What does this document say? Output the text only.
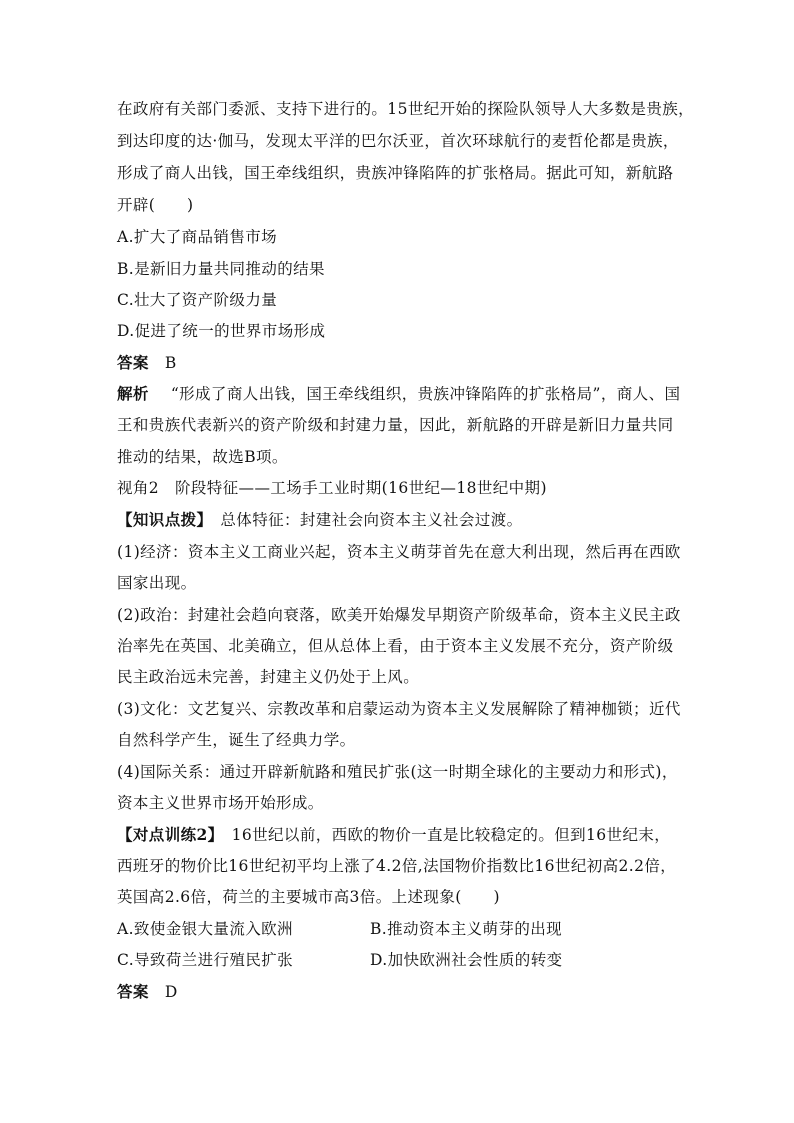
在政府有关部门委派、支持下进行的。15世纪开始的探险队领导人大多数是贵族，
到达印度的达·伽马，发现太平洋的巴尔沃亚，首次环球航行的麦哲伦都是贵族，
形成了商人出钱，国王牵线组织，贵族冲锋陷阵的扩张格局。据此可知，新航路
开辟(　　)
A.扩大了商品销售市场
B.是新旧力量共同推动的结果
C.壮大了资产阶级力量
D.促进了统一的世界市场形成
答案 B
解析 “形成了商人出钱，国王牵线组织，贵族冲锋陷阵的扩张格局”，商人、国
王和贵族代表新兴的资产阶级和封建力量，因此，新航路的开辟是新旧力量共同
推动的结果，故选B项。
视角2　阶段特征——工场手工业时期(16世纪—18世纪中期)
【知识点拨】 总体特征：封建社会向资本主义社会过渡。
(1)经济：资本主义工商业兴起，资本主义萌芽首先在意大利出现，然后再在西欧
国家出现。
(2)政治：封建社会趋向衰落，欧美开始爆发早期资产阶级革命，资本主义民主政
治率先在英国、北美确立，但从总体上看，由于资本主义发展不充分，资产阶级
民主政治远未完善，封建主义仍处于上风。
(3)文化：文艺复兴、宗教改革和启蒙运动为资本主义发展解除了精神枷锁；近代
自然科学产生，诞生了经典力学。
(4)国际关系：通过开辟新航路和殖民扩张(这一时期全球化的主要动力和形式)，
资本主义世界市场开始形成。
【对点训练2】 16世纪以前，西欧的物价一直是比较稳定的。但到16世纪末，
西班牙的物价比16世纪初平均上涨了4.2倍,法国物价指数比16世纪初高2.2倍，
英国高2.6倍，荷兰的主要城市高3倍。上述现象(　　)
A.致使金银大量流入欧洲	B.推动资本主义萌芽的出现
C.导致荷兰进行殖民扩张	D.加快欧洲社会性质的转变
答案 D
